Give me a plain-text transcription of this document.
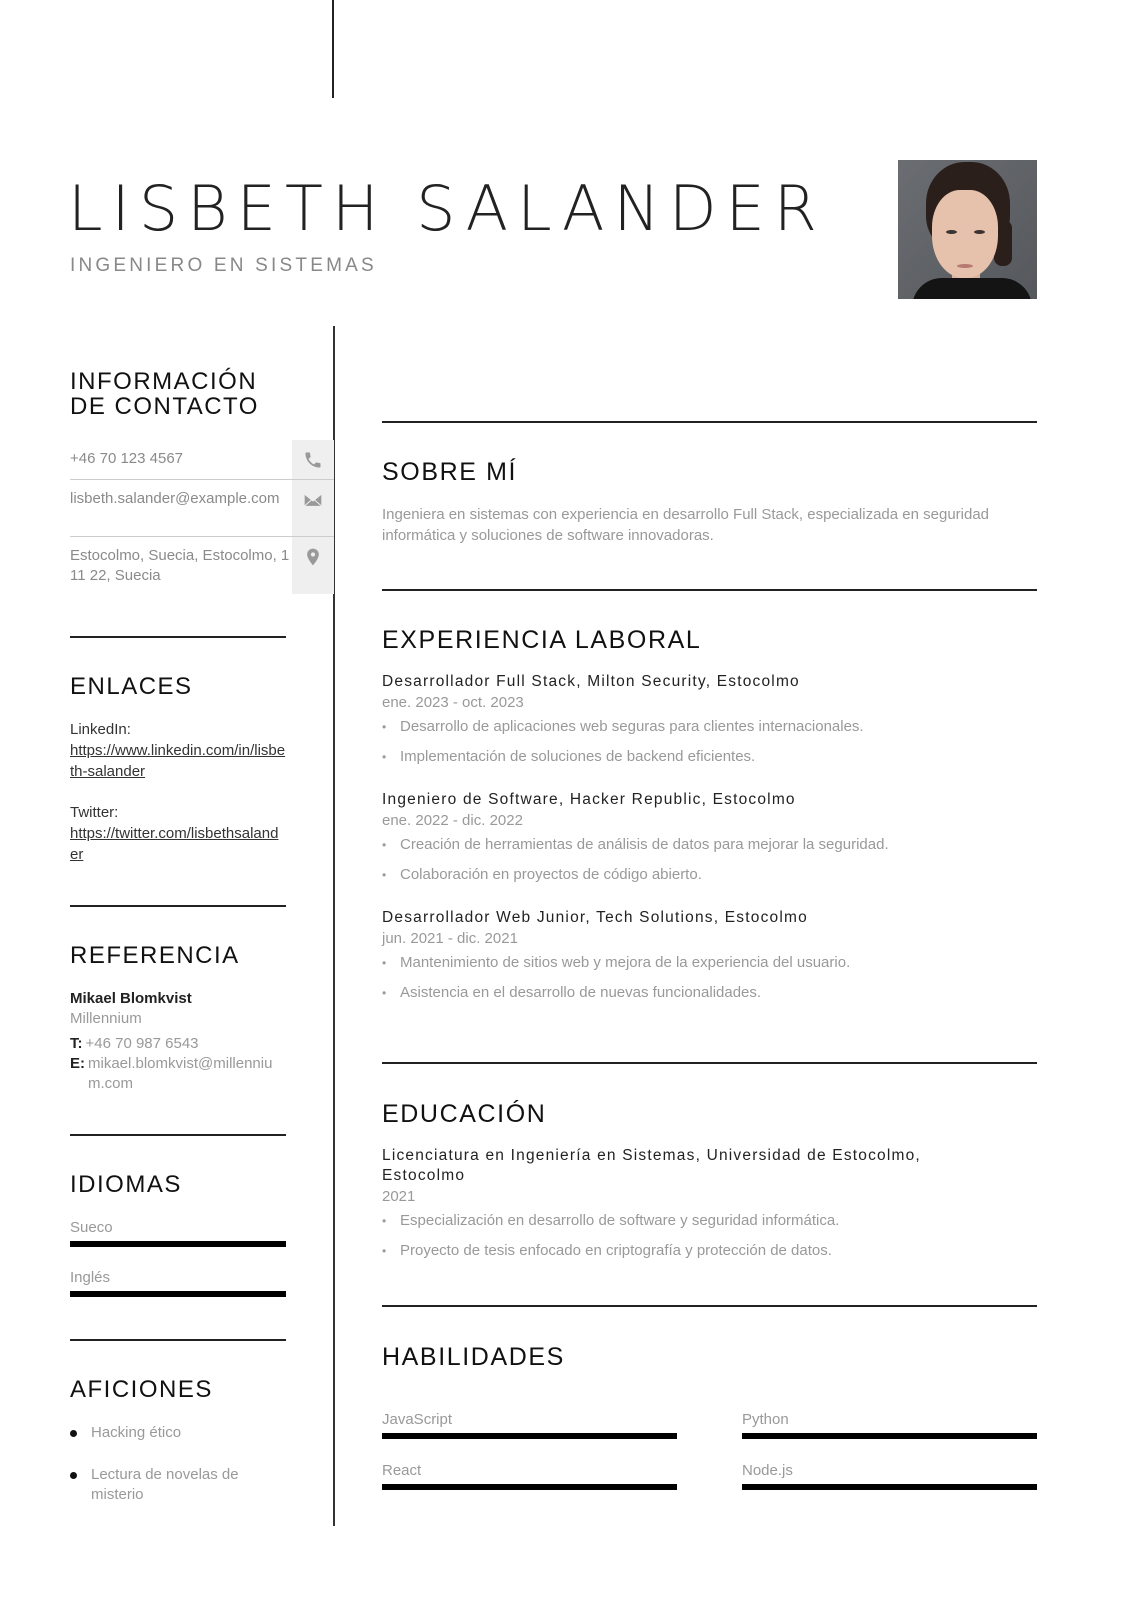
LISBETH SALANDER
INGENIERO EN SISTEMAS
INFORMACIÓN
DE CONTACTO
+46 70 123 4567
lisbeth.salander@example.com
Estocolmo, Suecia, Estocolmo, 111 22, Suecia
ENLACES
LinkedIn:
https://www.linkedin.com/in/lisbeth-salander
Twitter:
https://twitter.com/lisbethsalander
REFERENCIA
Mikael Blomkvist
Millennium
T: +46 70 987 6543
E: mikael.blomkvist@millennium.com
IDIOMAS
Sueco
Inglés
AFICIONES
Hacking ético
Lectura de novelas de misterio
SOBRE MÍ
Ingeniera en sistemas con experiencia en desarrollo Full Stack, especializada en seguridad informática y soluciones de software innovadoras.
EXPERIENCIA LABORAL
Desarrollador Full Stack, Milton Security, Estocolmo
ene. 2023 - oct. 2023
• Desarrollo de aplicaciones web seguras para clientes internacionales.
• Implementación de soluciones de backend eficientes.
Ingeniero de Software, Hacker Republic, Estocolmo
ene. 2022 - dic. 2022
• Creación de herramientas de análisis de datos para mejorar la seguridad.
• Colaboración en proyectos de código abierto.
Desarrollador Web Junior, Tech Solutions, Estocolmo
jun. 2021 - dic. 2021
• Mantenimiento de sitios web y mejora de la experiencia del usuario.
• Asistencia en el desarrollo de nuevas funcionalidades.
EDUCACIÓN
Licenciatura en Ingeniería en Sistemas, Universidad de Estocolmo, Estocolmo
2021
• Especialización en desarrollo de software y seguridad informática.
• Proyecto de tesis enfocado en criptografía y protección de datos.
HABILIDADES
JavaScript	Python
React	Node.js
